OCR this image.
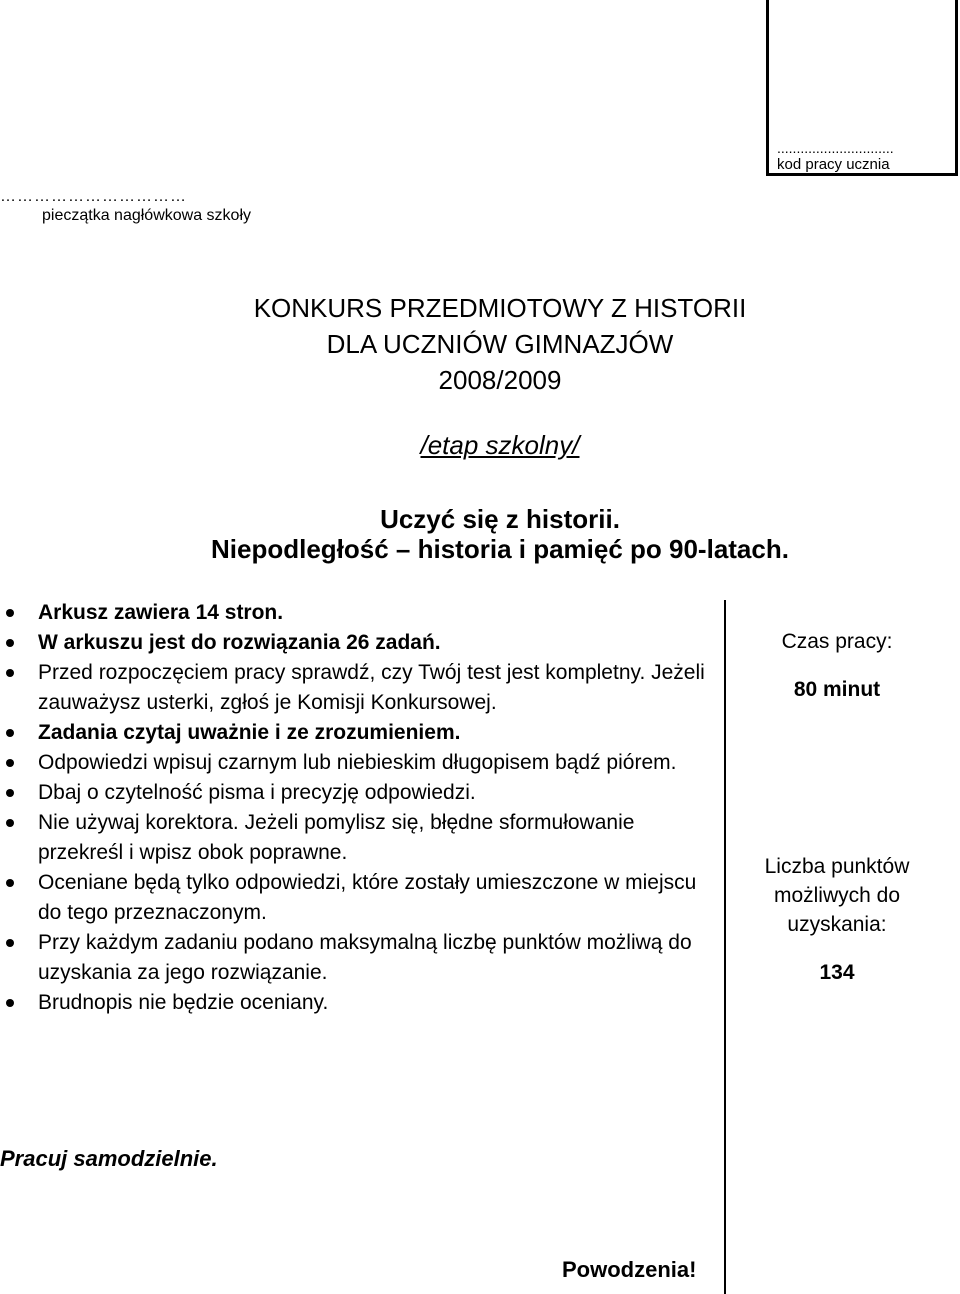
..............................
kod pracy ucznia
……………………………
pieczątka nagłówkowa szkoły
KONKURS PRZEDMIOTOWY Z HISTORII
DLA UCZNIÓW GIMNAZJÓW
2008/2009
/etap szkolny/
Uczyć się z historii.
Niepodległość – historia i pamięć po 90-latach.
Arkusz zawiera 14 stron.
W arkuszu jest do rozwiązania 26 zadań.
Przed rozpoczęciem pracy sprawdź, czy Twój test jest kompletny. Jeżeli zauważysz usterki, zgłoś je Komisji Konkursowej.
Zadania czytaj uważnie i ze zrozumieniem.
Odpowiedzi wpisuj czarnym lub niebieskim długopisem bądź piórem.
Dbaj o czytelność pisma i precyzję odpowiedzi.
Nie używaj korektora. Jeżeli pomylisz się, błędne sformułowanie przekreśl i wpisz obok poprawne.
Oceniane będą tylko odpowiedzi, które zostały umieszczone w miejscu do tego przeznaczonym.
Przy każdym zadaniu podano maksymalną liczbę punktów możliwą do uzyskania za jego rozwiązanie.
Brudnopis nie będzie oceniany.
Czas pracy:
80 minut
Liczba punktów możliwych do uzyskania:
134
Pracuj samodzielnie.
Powodzenia!
